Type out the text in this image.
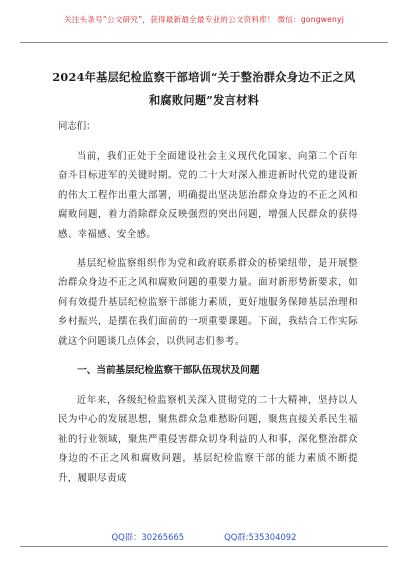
关注头条号“公文研究”，获得最新最全最专业的公文资料库！ 微信：gongwenyj
2024年基层纪检监察干部培训“关于整治群众身边不正之风和腐败问题”发言材料

同志们：

当前，我们正处于全面建设社会主义现代化国家、向第二个百年奋斗目标进军的关键时期。党的二十大对深入推进新时代党的建设新的伟大工程作出重大部署，明确提出坚决惩治群众身边的不正之风和腐败问题，着力消除群众反映强烈的突出问题，增强人民群众的获得感、幸福感、安全感。

基层纪检监察组织作为党和政府联系群众的桥梁纽带，是开展整治群众身边不正之风和腐败问题的重要力量。面对新形势新要求，如何有效提升基层纪检监察干部能力素质，更好地服务保障基层治理和乡村振兴，是摆在我们面前的一项重要课题。下面，我结合工作实际就这个问题谈几点体会，以供同志们参考。

一、当前基层纪检监察干部队伍现状及问题

近年来，各级纪检监察机关深入贯彻党的二十大精神，坚持以人民为中心的发展思想，聚焦群众急难愁盼问题，聚焦直接关系民生福祉的行业领域，聚焦严重侵害群众切身利益的人和事，深化整治群众身边的不正之风和腐败问题，基层纪检监察干部的能力素质不断提升，履职尽责成

QQ群：30265665	QQ群:535304092
